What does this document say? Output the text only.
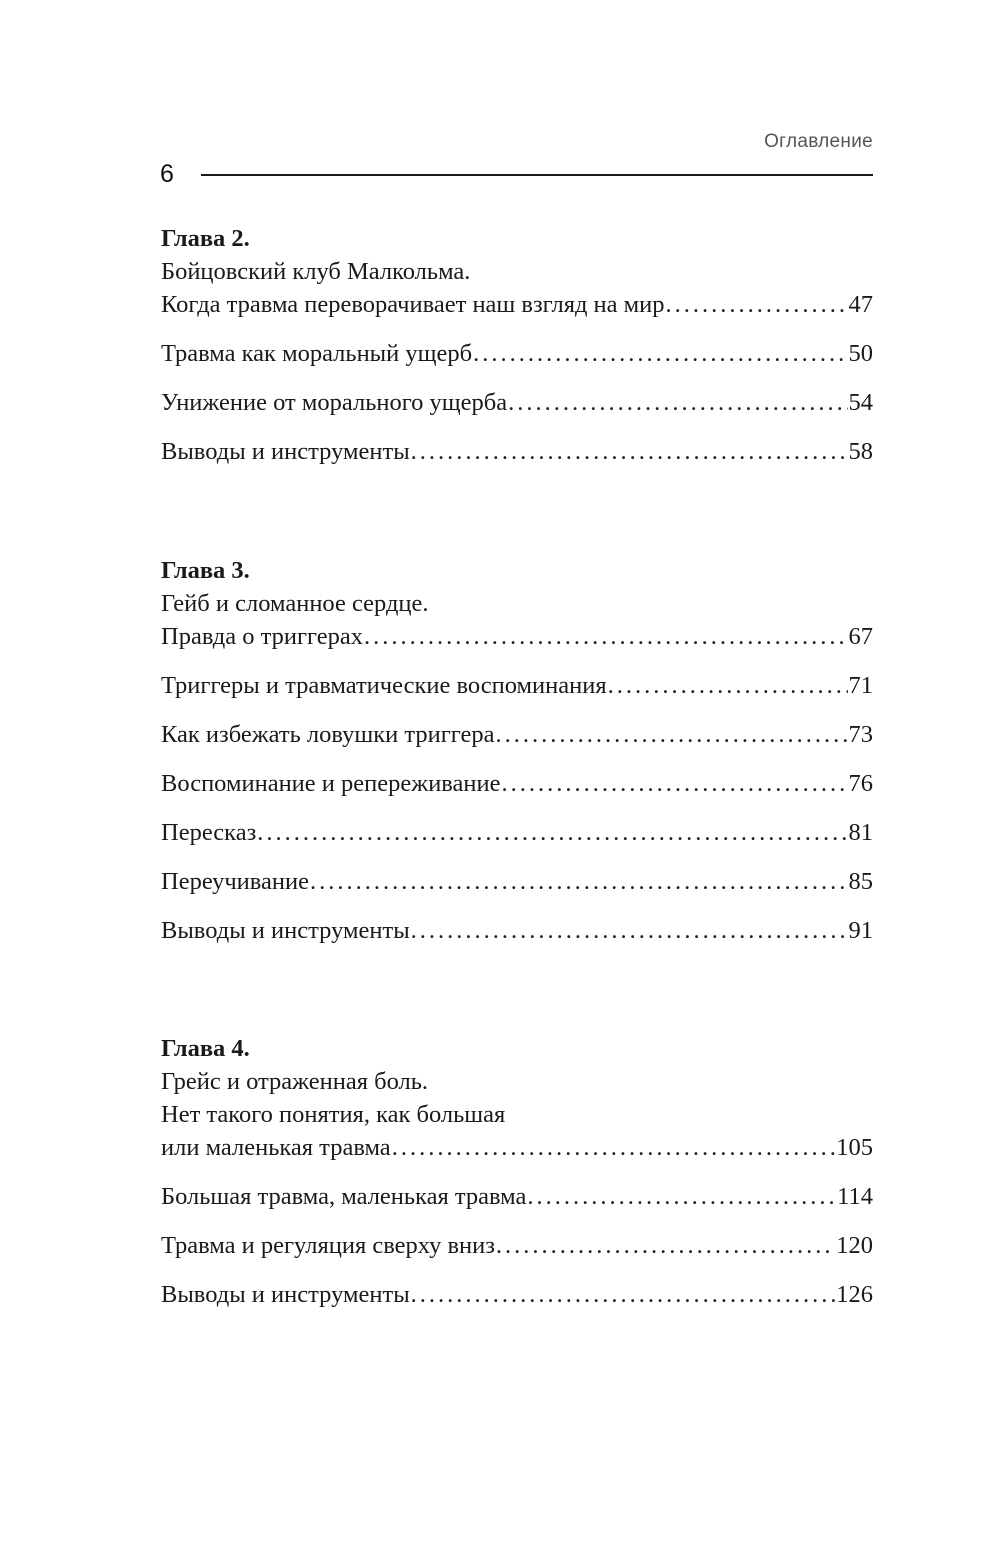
Оглавление
6
Глава 2.
Бойцовский клуб Малкольма.
Когда травма переворачивает наш взгляд на мир .....	47
Травма как моральный ущерб .....	50
Унижение от морального ущерба .....	54
Выводы и инструменты .....	58
Глава 3.
Гейб и сломанное сердце.
Правда о триггерах .....	67
Триггеры и травматические воспоминания .....	71
Как избежать ловушки триггера .....	73
Воспоминание и репереживание .....	76
Пересказ .....	81
Переучивание .....	85
Выводы и инструменты .....	91
Глава 4.
Грейс и отраженная боль.
Нет такого понятия, как большая
или маленькая травма .....	105
Большая травма, маленькая травма .....	114
Травма и регуляция сверху вниз .....	120
Выводы и инструменты .....	126
